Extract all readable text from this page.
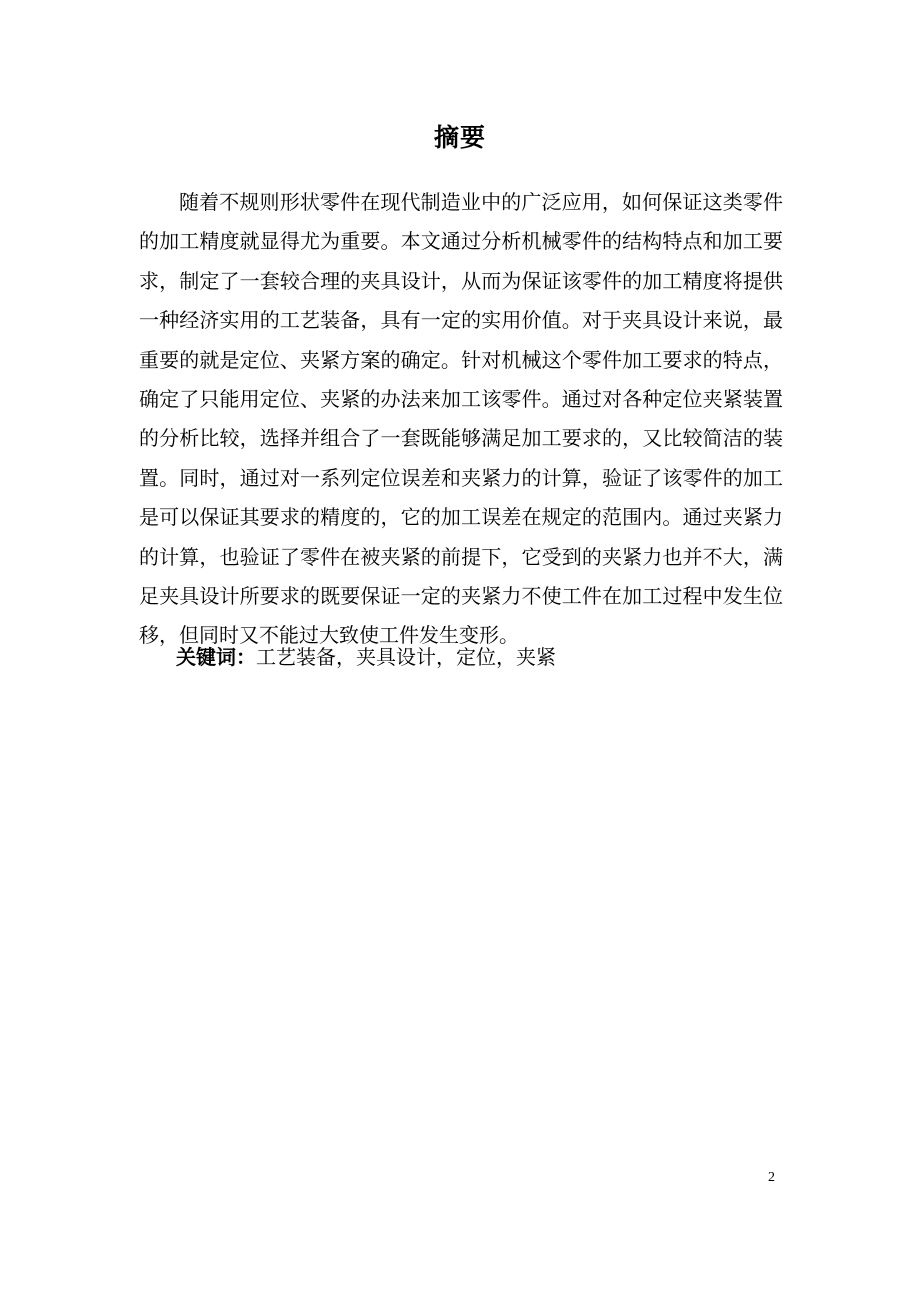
摘要

随着不规则形状零件在现代制造业中的广泛应用，如何保证这类零件的加工精度就显得尤为重要。本文通过分析机械零件的结构特点和加工要求，制定了一套较合理的夹具设计，从而为保证该零件的加工精度将提供一种经济实用的工艺装备，具有一定的实用价值。对于夹具设计来说，最重要的就是定位、夹紧方案的确定。针对机械这个零件加工要求的特点，确定了只能用定位、夹紧的办法来加工该零件。通过对各种定位夹紧装置的分析比较，选择并组合了一套既能够满足加工要求的，又比较简洁的装置。同时，通过对一系列定位误差和夹紧力的计算，验证了该零件的加工是可以保证其要求的精度的，它的加工误差在规定的范围内。通过夹紧力的计算，也验证了零件在被夹紧的前提下，它受到的夹紧力也并不大，满足夹具设计所要求的既要保证一定的夹紧力不使工件在加工过程中发生位移，但同时又不能过大致使工件发生变形。

关键词：工艺装备，夹具设计，定位，夹紧

2
